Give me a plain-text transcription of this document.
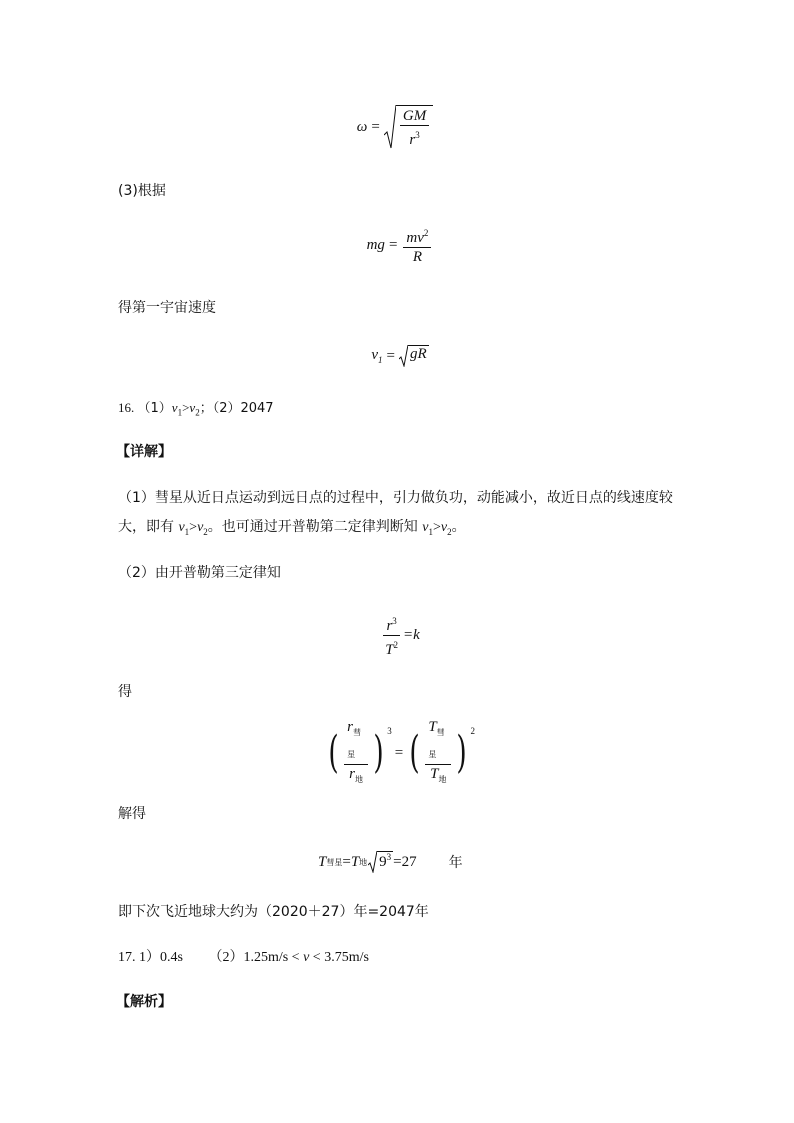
$\omega = \frac{GM}{r^3}$
(3)根据
mg = $\frac{mv^2}{R}$
得第一宇宙速度
$v_1$ = gR
16. $(1)v_1>v_2$；（2）2047
【详解】
（1）彗星从近日点运动到远日点的过程中，引力做负功，动能减小，故近日点的线速度较
大，即有 $v_1>v_2$。也可通过开普勒第二定律判断知 $v_1>v_2$。
（2）由开普勒第三定律知
$\frac{r^3}{T^2} =k$
得
( $\frac{r_{彗星}}{r_地}$ ) $^3$
= ( $\frac{T_{彗星}}{T_地}$ ) $^2$
解得
T 彗星 = T 地 $9^3 =27$ 年
即下次飞近地球大约为（2020＋27）年=2047年
17. 1）0.4s （2）1.25m/s < v < 3.75m/s
【解析】
